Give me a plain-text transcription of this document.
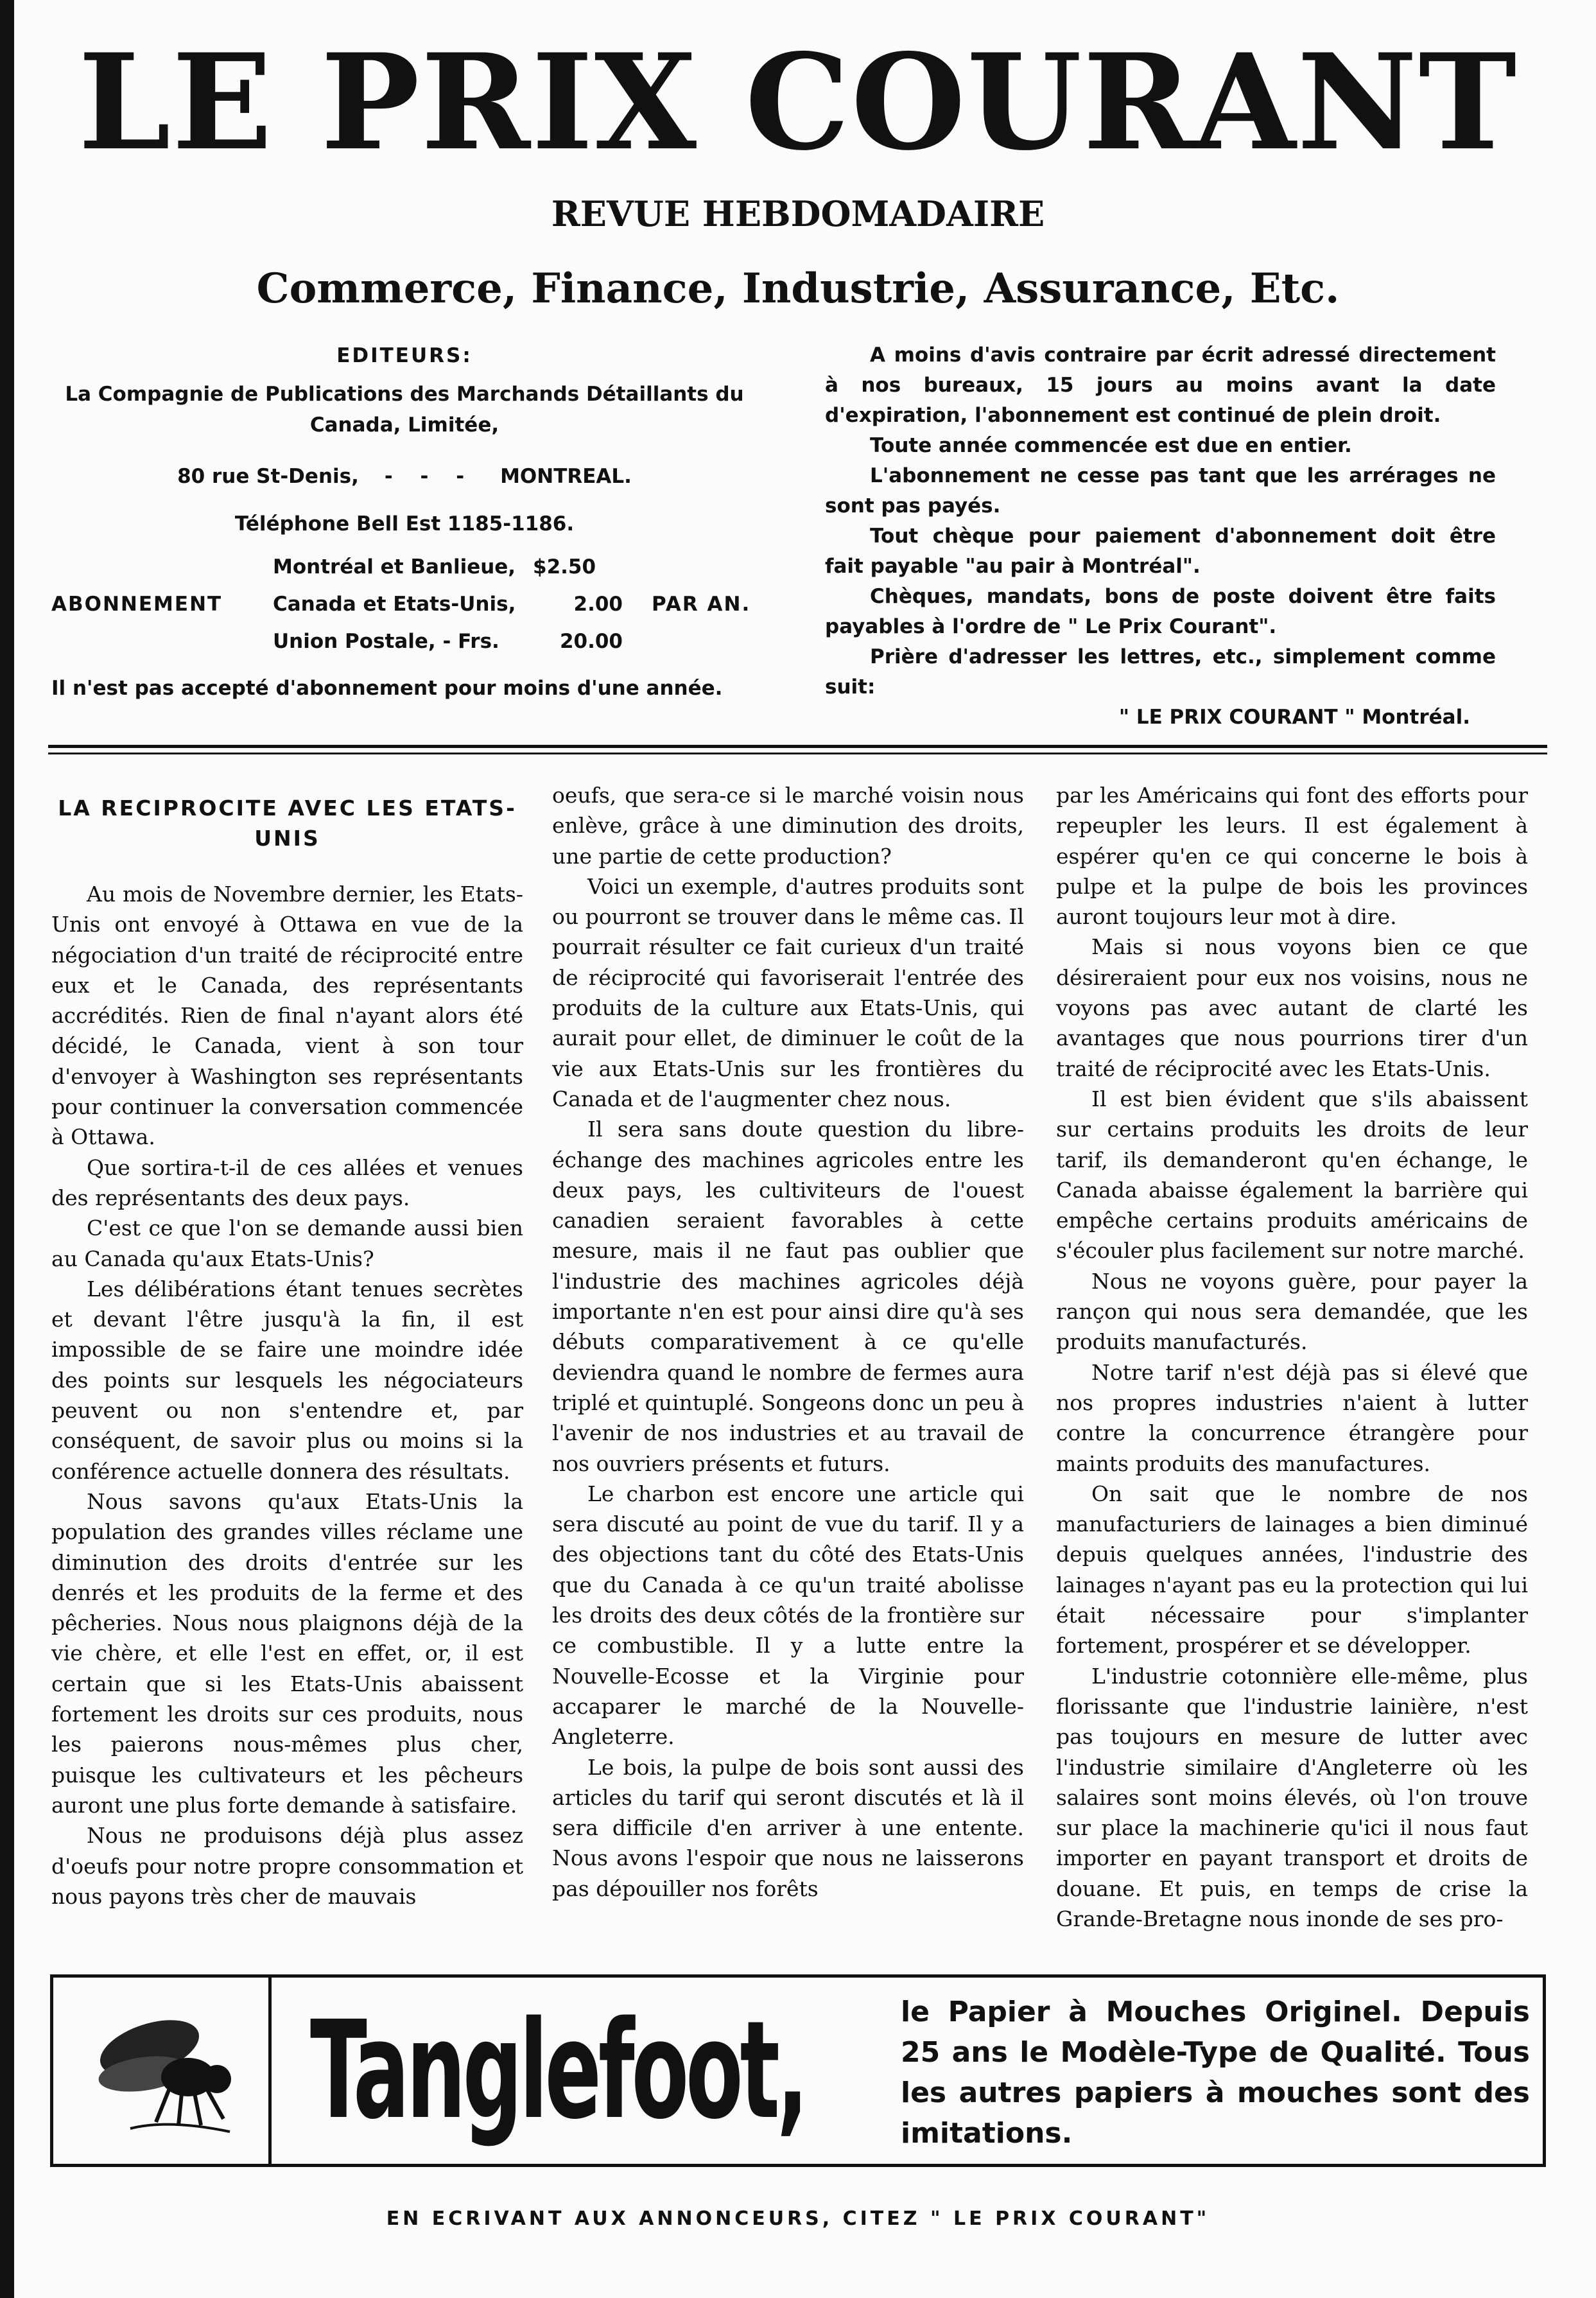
LE PRIX COURANT
REVUE HEBDOMADAIRE
Commerce, Finance, Industrie, Assurance, Etc.
EDITEURS:
La Compagnie de Publications des Marchands Détaillants du Canada, Limitée,
80 rue St-Denis, - - - MONTREAL.
Téléphone Bell Est 1185-1186.
ABONNEMENT
Montréal et Banlieue, $2.50
Canada et Etats-Unis,	2.00
Union Postale, - Frs.	20.00
PAR AN.
Il n'est pas accepté d'abonnement pour moins d'une année.

A moins d'avis contraire par écrit adressé directement à nos bureaux, 15 jours au moins avant la date d'expiration, l'abonnement est continué de plein droit.

Toute année commencée est due en entier.

L'abonnement ne cesse pas tant que les arrérages ne sont pas payés.

Tout chèque pour paiement d'abonnement doit être fait payable "au pair à Montréal".

Chèques, mandats, bons de poste doivent être faits payables à l'ordre de " Le Prix Courant".

Prière d'adresser les lettres, etc., simplement comme suit:

" LE PRIX COURANT " Montréal.

LA RECIPROCITE AVEC LES ETATS-UNIS

Au mois de Novembre dernier, les Etats-Unis ont envoyé à Ottawa en vue de la négociation d'un traité de réciprocité entre eux et le Canada, des représentants accrédités. Rien de final n'ayant alors été décidé, le Canada, vient à son tour d'envoyer à Washington ses représentants pour continuer la conversation commencée à Ottawa.

Que sortira-t-il de ces allées et venues des représentants des deux pays.

C'est ce que l'on se demande aussi bien au Canada qu'aux Etats-Unis?

Les délibérations étant tenues secrètes et devant l'être jusqu'à la fin, il est impossible de se faire une moindre idée des points sur lesquels les négociateurs peuvent ou non s'entendre et, par conséquent, de savoir plus ou moins si la conférence actuelle donnera des résultats.

Nous savons qu'aux Etats-Unis la population des grandes villes réclame une diminution des droits d'entrée sur les denrés et les produits de la ferme et des pêcheries. Nous nous plaignons déjà de la vie chère, et elle l'est en effet, or, il est certain que si les Etats-Unis abaissent fortement les droits sur ces produits, nous les paierons nous-mêmes plus cher, puisque les cultivateurs et les pêcheurs auront une plus forte demande à satisfaire.

Nous ne produisons déjà plus assez d'oeufs pour notre propre consommation et nous payons très cher de mauvais

oeufs, que sera-ce si le marché voisin nous enlève, grâce à une diminution des droits, une partie de cette production?

Voici un exemple, d'autres produits sont ou pourront se trouver dans le même cas. Il pourrait résulter ce fait curieux d'un traité de réciprocité qui favoriserait l'entrée des produits de la culture aux Etats-Unis, qui aurait pour ellet, de diminuer le coût de la vie aux Etats-Unis sur les frontières du Canada et de l'augmenter chez nous.

Il sera sans doute question du libre-échange des machines agricoles entre les deux pays, les cultiviteurs de l'ouest canadien seraient favorables à cette mesure, mais il ne faut pas oublier que l'industrie des machines agricoles déjà importante n'en est pour ainsi dire qu'à ses débuts comparativement à ce qu'elle deviendra quand le nombre de fermes aura triplé et quintuplé. Songeons donc un peu à l'avenir de nos industries et au travail de nos ouvriers présents et futurs.

Le charbon est encore une article qui sera discuté au point de vue du tarif. Il y a des objections tant du côté des Etats-Unis que du Canada à ce qu'un traité abolisse les droits des deux côtés de la frontière sur ce combustible. Il y a lutte entre la Nouvelle-Ecosse et la Virginie pour accaparer le marché de la Nouvelle-Angleterre.

Le bois, la pulpe de bois sont aussi des articles du tarif qui seront discutés et là il sera difficile d'en arriver à une entente. Nous avons l'espoir que nous ne laisserons pas dépouiller nos forêts

par les Américains qui font des efforts pour repeupler les leurs. Il est également à espérer qu'en ce qui concerne le bois à pulpe et la pulpe de bois les provinces auront toujours leur mot à dire.

Mais si nous voyons bien ce que désireraient pour eux nos voisins, nous ne voyons pas avec autant de clarté les avantages que nous pourrions tirer d'un traité de réciprocité avec les Etats-Unis.

Il est bien évident que s'ils abaissent sur certains produits les droits de leur tarif, ils demanderont qu'en échange, le Canada abaisse également la barrière qui empêche certains produits américains de s'écouler plus facilement sur notre marché.

Nous ne voyons guère, pour payer la rançon qui nous sera demandée, que les produits manufacturés.

Notre tarif n'est déjà pas si élevé que nos propres industries n'aient à lutter contre la concurrence étrangère pour maints produits des manufactures.

On sait que le nombre de nos manufacturiers de lainages a bien diminué depuis quelques années, l'industrie des lainages n'ayant pas eu la protection qui lui était nécessaire pour s'implanter fortement, prospérer et se développer.

L'industrie cotonnière elle-même, plus florissante que l'industrie lainière, n'est pas toujours en mesure de lutter avec l'industrie similaire d'Angleterre où les salaires sont moins élevés, où l'on trouve sur place la machinerie qu'ici il nous faut importer en payant transport et droits de douane. Et puis, en temps de crise la Grande-Bretagne nous inonde de ses pro-

Tanglefoot,	le Papier à Mouches Originel. Depuis 25 ans le Modèle-Type de Qualité. Tous les autres papiers à mouches sont des imitations.
EN ECRIVANT AUX ANNONCEURS, CITEZ " LE PRIX COURANT"
